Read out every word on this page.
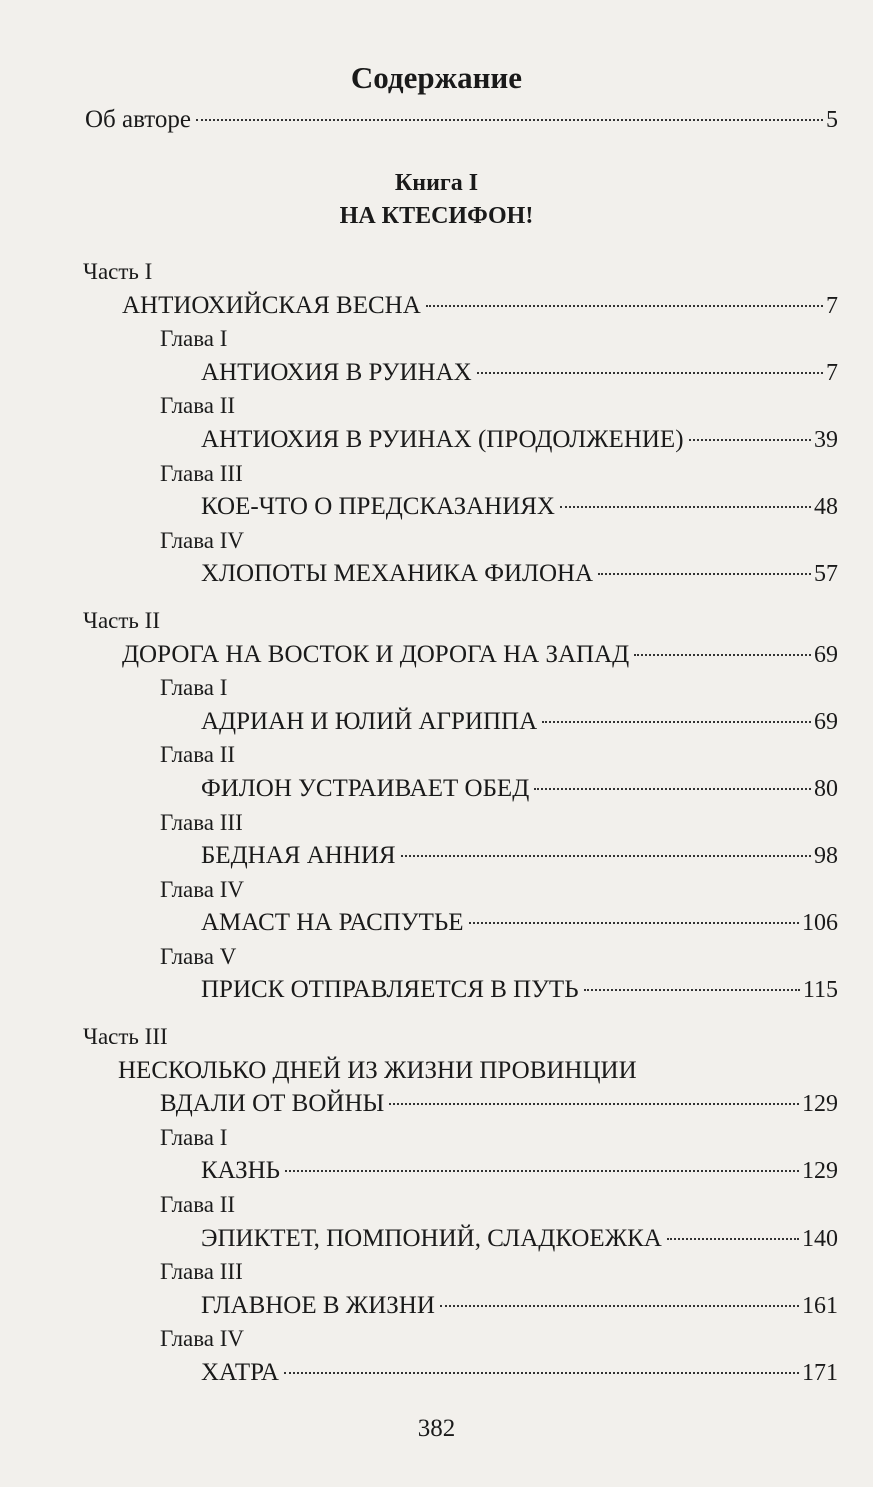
Содержание
Об авторе	5
Книга I
НА КТЕСИФОН!
Часть I
АНТИОХИЙСКАЯ ВЕСНА	7
Глава I
АНТИОХИЯ В РУИНАХ	7
Глава II
АНТИОХИЯ В РУИНАХ (ПРОДОЛЖЕНИЕ)	39
Глава III
КОЕ-ЧТО О ПРЕДСКАЗАНИЯХ	48
Глава IV
ХЛОПОТЫ МЕХАНИКА ФИЛОНА	57
Часть II
ДОРОГА НА ВОСТОК И ДОРОГА НА ЗАПАД	69
Глава I
АДРИАН И ЮЛИЙ АГРИППА	69
Глава II
ФИЛОН УСТРАИВАЕТ ОБЕД	80
Глава III
БЕДНАЯ АННИЯ	98
Глава IV
АМАСТ НА РАСПУТЬЕ	106
Глава V
ПРИСК ОТПРАВЛЯЕТСЯ В ПУТЬ	115
Часть III
НЕСКОЛЬКО ДНЕЙ ИЗ ЖИЗНИ ПРОВИНЦИИ
ВДАЛИ ОТ ВОЙНЫ	129
Глава I
КАЗНЬ	129
Глава II
ЭПИКТЕТ, ПОМПОНИЙ, СЛАДКОЕЖКА	140
Глава III
ГЛАВНОЕ В ЖИЗНИ	161
Глава IV
ХАТРА	171
382
